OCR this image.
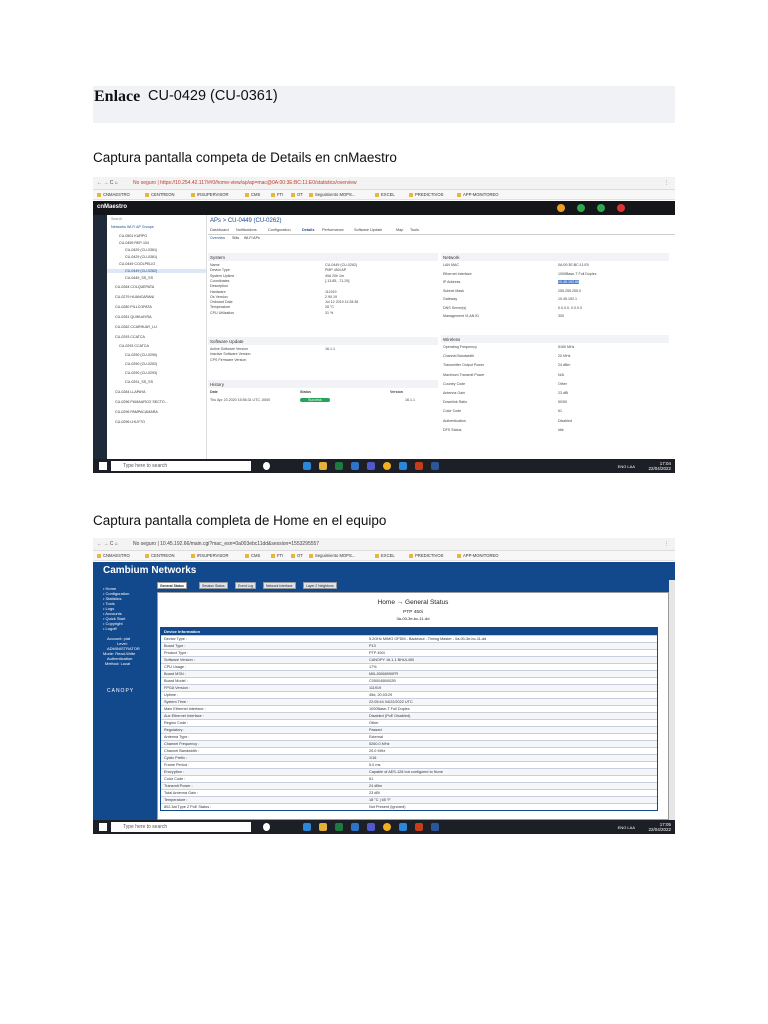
Enlace CU-0429 (CU-0361)
Captura pantalla competa de Details en cnMaestro
← → C ⌂	No seguro | https://10.254.42.117/#/0/home-view/ap/ap=mac@0A:00:3E:BC:11:E0/statistics/overview	⋮
CNMAESTRO	CENTREON	IRSUPERVISOR	CMS	FTI	OT	Seguimiento MOPS...	EXCEL	PREDICTIVOS	APP-MONITOREO
cnMaestro
Search
Networks Wi-Fi AP Groups
CU-0501 KURPO
CU-0459 REP-104
CU-0429 (CU-0361)
CU-0429 (CU-0361)
CU-0449 COOLPELIO
CU-0449 (CU-0262)
CU-0449_SS_SS
CU-0284 COLQUEPATA
CU-0279 HUANCARANI
CU-0280 PILLCOPATA
CU-0281 QUIHUAYRA
CU-0282 CCARHUAY_LU
CU-0293 CCATCA
CU-0293 CCATCA
CU-0290 (CU-0290)
CU-0290 (CU-0202)
CU-0290 (CU-0293)
CU-0291_SS_SS
CU-0284 LLAPAYA
CU-0296 PUMAURCO SECTO...
CU-0296 PAMPACAMARA
CU-0296 LHUYTO
APs > CU-0449 (CU-0262)
Dashboard Notifications	Configuration	Details Performance	Software Update	Map Tools
Overview SMs Wi-Fi APs
System
Name	CU-0449 (CU-0262)
Device Type	PMP 450i AP
System Uptime	49d 20h 1m
Coordinates	[-13.85, -71.29]
Description
Hardware	111919
Os Version	2.90.19
Onboard Date	Jul 12 2019 11:28:38
Temperature	28 °C
CPU Utilization	31 %
Software Update
Active Software Version	16.1.1
Inactive Software Version
CPS Firmware Version
History
Date	Status	Version
Thu Apr 23 2020 15:56:31 UTC -0500	Success	16.1.1
Network
LAN MAC	0A:00:3E:BC:11:E0
Ethernet Interface	1000Base-T Full Duplex
IP Address	10.45.192.66
Subnet Mask	255.255.255.0
Gateway	10.45.192.1
DNS Server(s)	0.0.0.0, 0.0.0.0
Management VLAN ID	300
Wireless
Operating Frequency	5160 MHz
Channel Bandwidth	20 MHz
Transmitter Output Power	24 dBm
Maximum Transmit Power	N/A
Country Code	Other
Antenna Gain	23 dBi
Downlink Ratio	50/50
Color Code	61
Authentication	Disabled
DFS Status	Idle
Type here to search	ENG LAA
17:04
22/04/2022
Captura pantalla completa de Home en el equipo
← → C ⌂	No seguro | 10.45.192.66/main.cgi?mac_esn=0a003ebc11dd&session=1553295557	⋮
CNMAESTRO	CENTREON	IRSUPERVISOR	CMS	FTI	OT	Seguimiento MOPS...	EXCEL	PREDICTIVOS	APP-MONITOREO
Cambium Networks
• Home
• Configuration
• Statistics
• Tools
• Logs
• Accounts
• Quick Start
• Copyright
• Logoff
Account: plat
Level:
ADMINISTRATOR
Mode: Read-Write
Authentication
Method: Local
CANOPY
General Status	Session Status	Event Log	Network Interface	Layer 2 Neighbors
Home → General Status
PTP 450i
0a-00-3e-bc-11-dd
Device Information
Device Type :	5.2GHz MIMO OFDM - Backhaul - Timing Master - 0a-00-3e-bc-11-dd
Board Type :	P13
Product Type :	PTP 450i
Software Version :	CANOPY 16.1.1 BHUL450
CPU Usage :	17%
Board MSN :	M0LJ6568990FR
Board Model :	C050045B002B
FPGA Version :	111919
Uptime :	45d, 20:03:29
System Time :	22:05:44 04/22/2022 UTC
Main Ethernet Interface :	1000Base-T Full Duplex
Aux Ethernet Interface :	Disabled (PoE Disabled)
Region Code :	Other
Regulatory :	Passed
Antenna Type :	External
Channel Frequency :	5260.0 MHz
Channel Bandwidth :	20.0 MHz
Cyclic Prefix :	1/16
Frame Period :	5.0 ms
Encryption :	Capable of AES-128 but configured to None
Color Code :	61
Transmit Power :	24 dBm
Total Antenna Gain :	23 dBi
Temperature :	18 °C | 65 °F
802.3at Type 2 PoE Status :	Not Present (Ignored)
Type here to search	ENG LAA
17:05
22/04/2022
